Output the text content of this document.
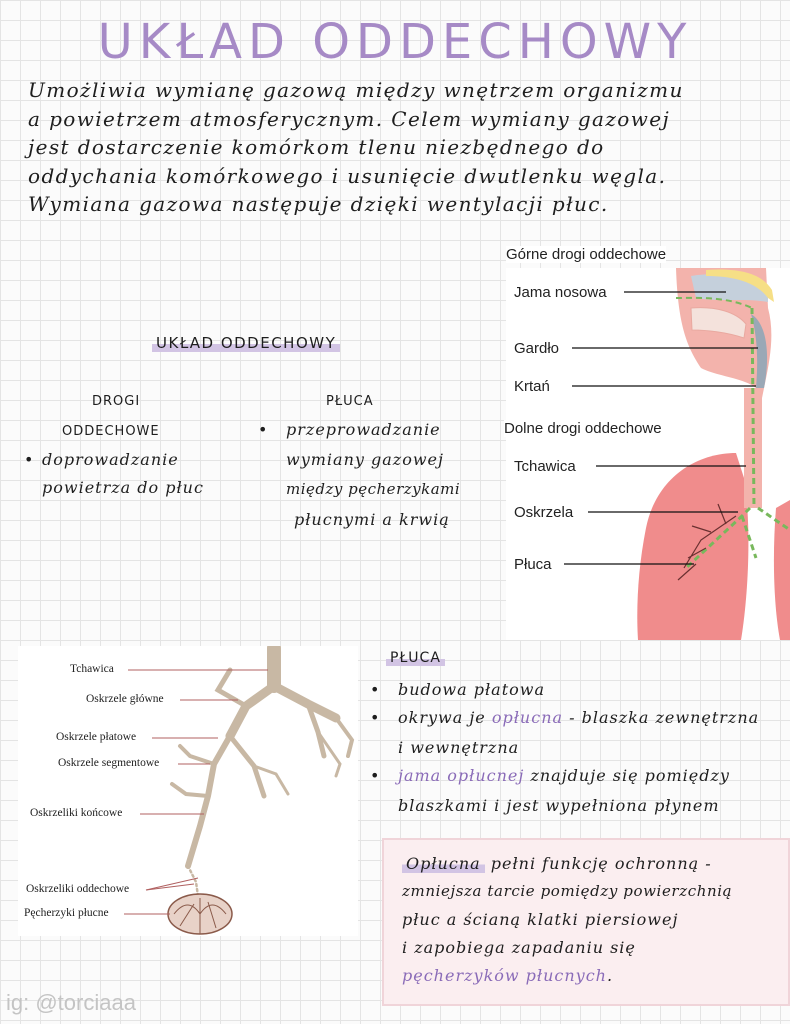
UKŁAD ODDECHOWY
Umożliwia wymianę gazową między wnętrzem organizmu
a powietrzem atmosferycznym. Celem wymiany gazowej
jest dostarczenie komórkom tlenu niezbędnego do
oddychania komórkowego i usunięcie dwutlenku węgla.
Wymiana gazowa następuje dzięki wentylacji płuc.
UKŁAD ODDECHOWY
DROGI
ODDECHOWE
• doprowadzanie
powietrza do płuc
PŁUCA
• przeprowadzanie
wymiany gazowej
między pęcherzykami
płucnymi a krwią
Górne drogi oddechowe
Jama nosowa
Gardło
Krtań
Dolne drogi oddechowe
Tchawica
Oskrzela
Płuca
Tchawica
Oskrzele główne
Oskrzele płatowe
Oskrzele segmentowe
Oskrzeliki końcowe
Oskrzeliki oddechowe
Pęcherzyki płucne
PŁUCA
• budowa płatowa
• okrywa je opłucna - blaszka zewnętrzna
i wewnętrzna
• jama opłucnej znajduje się pomiędzy
blaszkami i jest wypełniona płynem
Opłucna pełni funkcję ochronną -
zmniejsza tarcie pomiędzy powierzchnią
płuc a ścianą klatki piersiowej
i zapobiega zapadaniu się
pęcherzyków płucnych.
ig: @torciaaa
